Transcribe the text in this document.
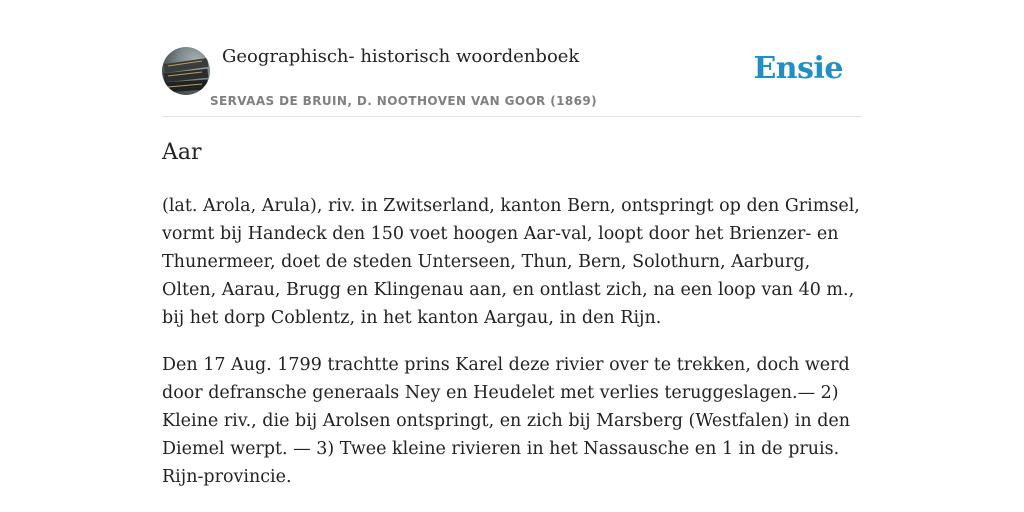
Geographisch- historisch woordenboek
SERVAAS DE BRUIN, D. NOOTHOVEN VAN GOOR (1869)
Ensie
Aar

(lat. Arola, Arula), riv. in Zwitserland, kanton Bern, ontspringt op den Grimsel, vormt bij Handeck den 150 voet hoogen Aar-val, loopt door het Brienzer- en Thunermeer, doet de steden Unterseen, Thun, Bern, Solothurn, Aarburg, Olten, Aarau, Brugg en Klingenau aan, en ontlast zich, na een loop van 40 m., bij het dorp Coblentz, in het kanton Aargau, in den Rijn.

Den 17 Aug. 1799 trachtte prins Karel deze rivier over te trekken, doch werd door defransche generaals Ney en Heudelet met verlies teruggeslagen.— 2) Kleine riv., die bij Arolsen ontspringt, en zich bij Marsberg (Westfalen) in den Diemel werpt. — 3) Twee kleine rivieren in het Nassausche en 1 in de pruis. Rijn-provincie.
